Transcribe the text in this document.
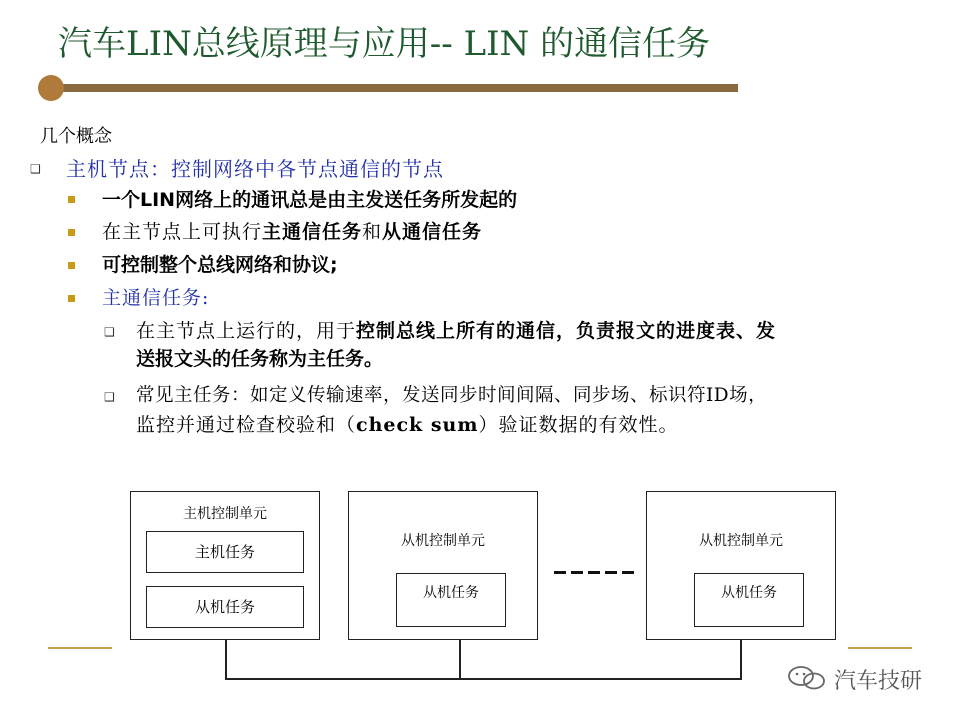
汽车LIN总线原理与应用-- LIN 的通信任务
几个概念
❑ 主机节点：控制网络中各节点通信的节点
一个LIN网络上的通讯总是由主发送任务所发起的
在主节点上可执行主通信任务和从通信任务
可控制整个总线网络和协议;
主通信任务:
❑ 在主节点上运行的，用于控制总线上所有的通信，负责报文的进度表、发
送报文头的任务称为主任务。
❑ 常见主任务：如定义传输速率，发送同步时间间隔、同步场、标识符ID场，
监控并通过检查校验和（check sum）验证数据的有效性。
主机控制单元
主机任务
从机任务
从机控制单元
从机任务
从机控制单元
从机任务
汽车技研
